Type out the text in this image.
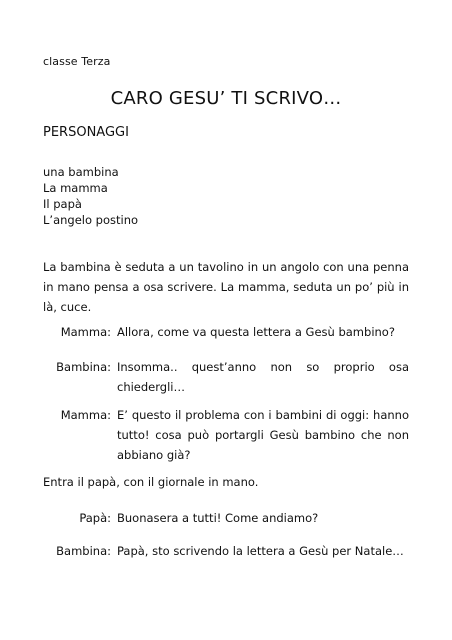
classe Terza
CARO GESU’ TI SCRIVO…
PERSONAGGI
una bambina
La mamma
Il papà
L’angelo postino

La bambina è seduta a un tavolino in un angolo con una penna in mano pensa a osa scrivere. La mamma, seduta un po’ più in là, cuce.

Mamma: Allora, come va questa lettera a Gesù bambino?
Bambina: Insomma.. quest’anno non so proprio osa chiedergli…
Mamma: E’ questo il problema con i bambini di oggi: hanno tutto! cosa può portargli Gesù bambino che non abbiano già?

Entra il papà, con il giornale in mano.

Papà: Buonasera a tutti! Come andiamo?
Bambina: Papà, sto scrivendo la lettera a Gesù per Natale…
